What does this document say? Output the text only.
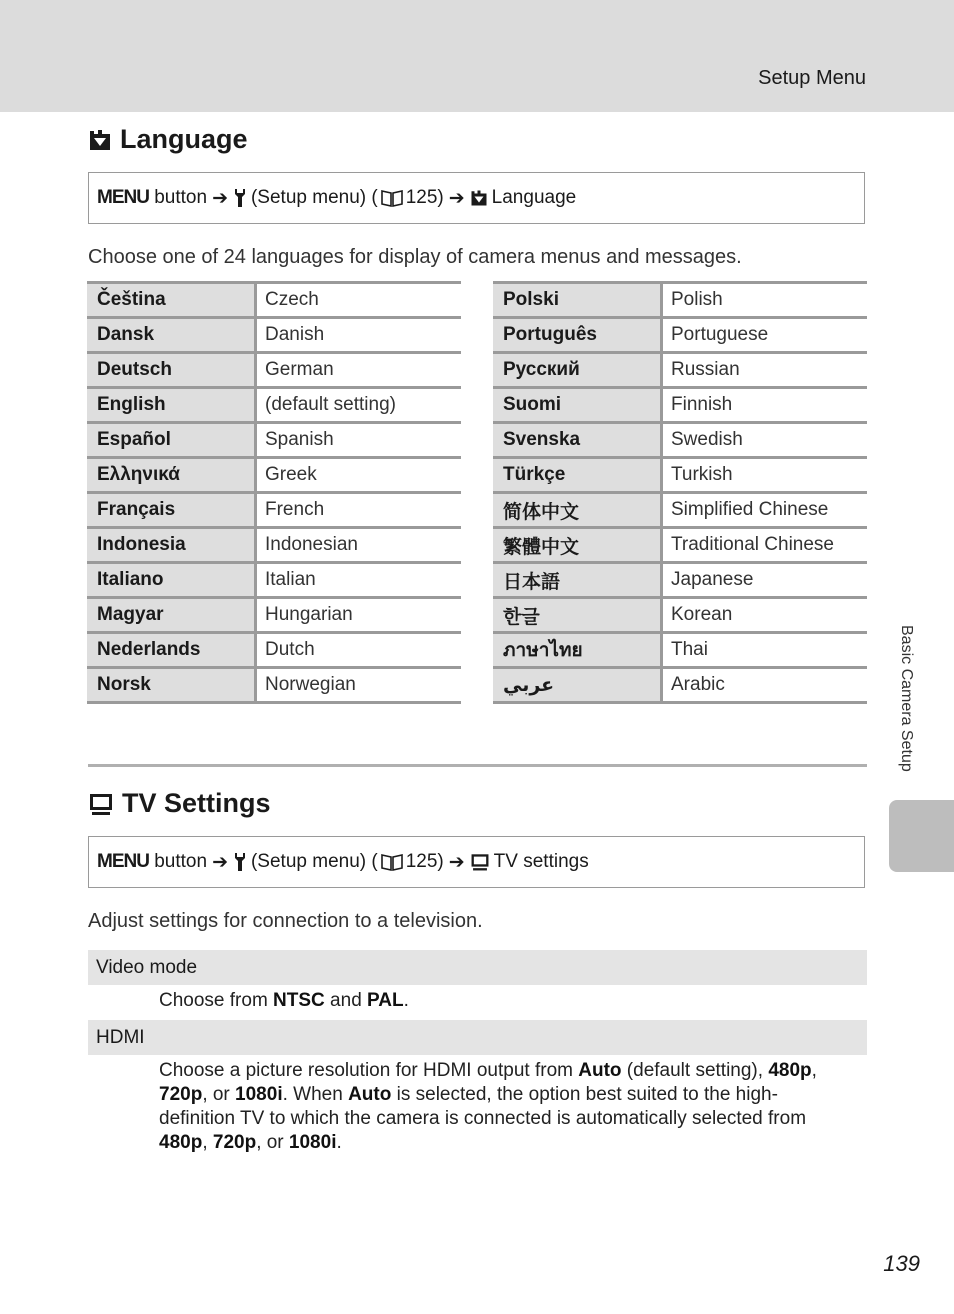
Setup Menu
Language
MENU
button ➔ (Setup menu) ( 125 ) ➔ Language
Choose one of 24 languages for display of camera menus and messages.
Čeština	Czech
Dansk	Danish
Deutsch	German
English	(default setting)
Español	Spanish
Ελληνικά	Greek
Français	French
Indonesia	Indonesian
Italiano	Italian
Magyar	Hungarian
Nederlands	Dutch
Norsk	Norwegian
Polski	Polish
Português	Portuguese
Русский	Russian
Suomi	Finnish
Svenska	Swedish
Türkçe	Turkish
简体中文	Simplified Chinese
繁體中文	Traditional Chinese
日本語	Japanese
한글	Korean
ภาษาไทย	Thai
عربي	Arabic
TV Settings
MENU
button ➔ (Setup menu) ( 125 ) ➔ TV settings
Adjust settings for connection to a television.
Video mode
Choose from NTSC and PAL.
HDMI
Choose a picture resolution for HDMI output from Auto (default setting), 480p, 720p, or 1080i. When Auto is selected, the option best suited to the high-definition TV to which the camera is connected is automatically selected from 480p, 720p, or 1080i.
Basic Camera Setup
139
